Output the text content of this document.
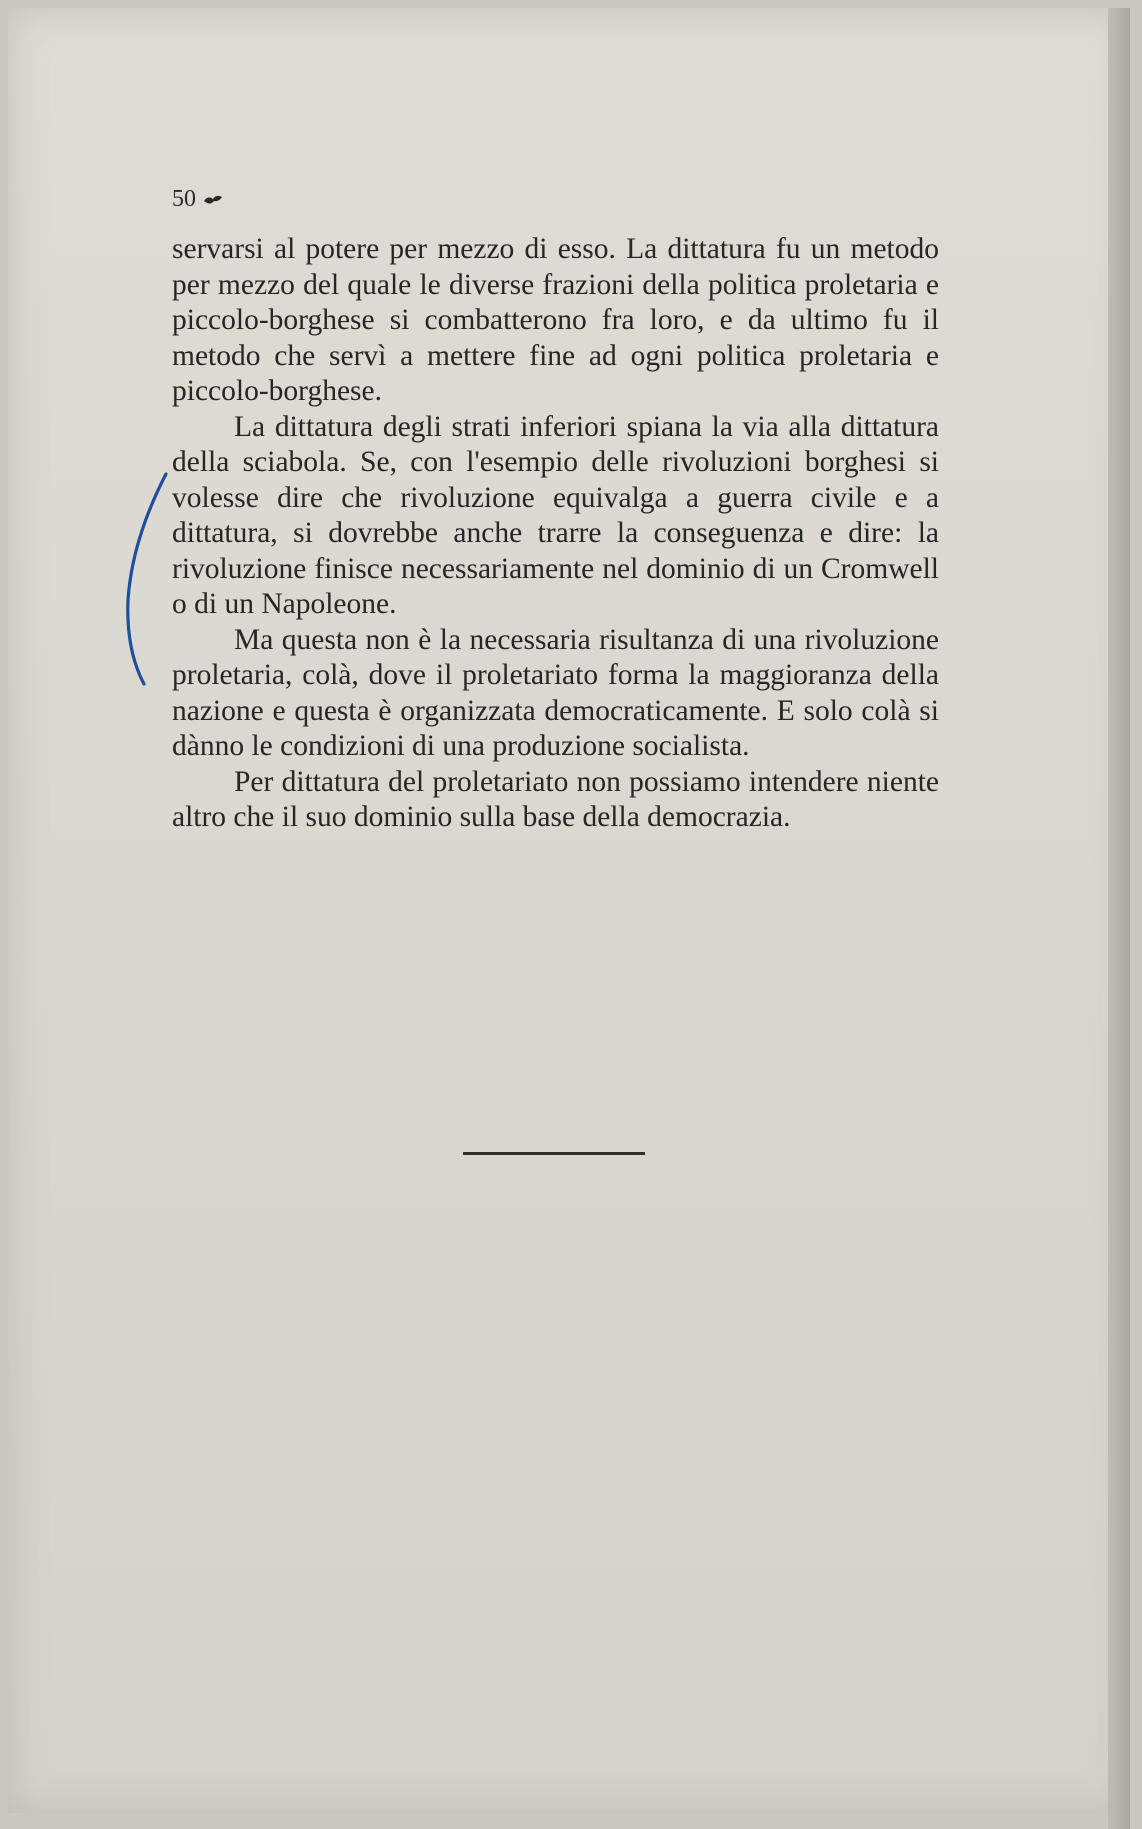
50

servarsi al potere per mezzo di esso. La dittatura fu un metodo per mezzo del quale le diverse frazioni della politica proletaria e piccolo-borghese si combatterono fra loro, e da ultimo fu il metodo che servì a mettere fine ad ogni politica proletaria e piccolo-borghese.

La dittatura degli strati inferiori spiana la via alla dittatura della sciabola. Se, con l'esempio delle rivoluzioni borghesi si volesse dire che rivoluzione equivalga a guerra civile e a dittatura, si dovrebbe anche trarre la conseguenza e dire: la rivoluzione finisce necessariamente nel dominio di un Cromwell o di un Napoleone.

Ma questa non è la necessaria risultanza di una rivoluzione proletaria, colà, dove il proletariato forma la maggioranza della nazione e questa è organizzata democraticamente. E solo colà si dànno le condizioni di una produzione socialista.

Per dittatura del proletariato non possiamo intendere niente altro che il suo dominio sulla base della democrazia.
